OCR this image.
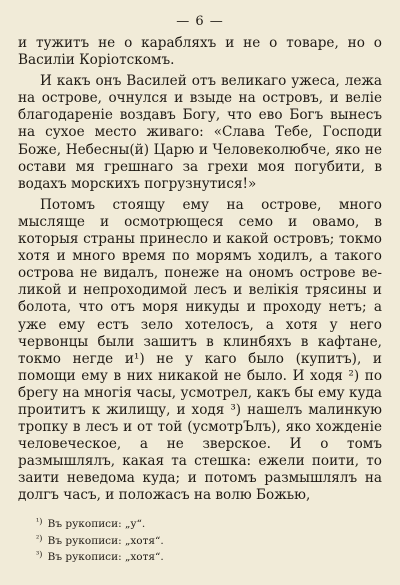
— 6 —

и тужитъ не о карабляхъ и не о товаре, но о Василіи Коріотскомъ.

И какъ онъ Василей отъ великаго ужеса, лежа на острове, очнулся и взыде на островъ, и веліе благодареніе воздавъ Богу, что ево Богъ вынесъ на сухое место живаго: «Слава Тебе, Господи Боже, Небесны(й) Царю и Человеколюбче, яко не остави мя грешнаго за грехи моя погубити, в водахъ морскихъ погрузнутися!»

Потомъ стоящу ему на острове, много мысляще и осмотрющеся семо и овамо, в которыя страны принесло и какой островъ; токмо хотя и много время по морямъ ходилъ, а такого острова не видалъ, понеже на ономъ острове великой и непроходимой лесъ и велікія трясины и болота, что отъ моря никуды и проходу нетъ; а уже ему естъ зело хотелосъ, а хотя у него червонцы были зашитъ в клинбяхъ в кафтане, токмо негде и¹) не у каго было (купитъ), и помощи ему в них никакой не было. И ходя ²) по брегу на многія часы, усмотрел, какъ бы ему куда проититъ к жилищу, и ходя ³) нашелъ малинкую тропку в лесъ и от той (усмотрЪлъ), яко хожденіе человеческое, а не зверское. И о томъ размышлялъ, какая та стешка: ежели поити, то заити неведома куда; и потомъ размышлялъ на долгъ часъ, и положасъ на волю Божью,

$^{^1)}$ Въ рукописи: „у“.
$^{^2)}$ Въ рукописи: „хотя“.
$^{^3)}$ Въ рукописи: „хотя“.
